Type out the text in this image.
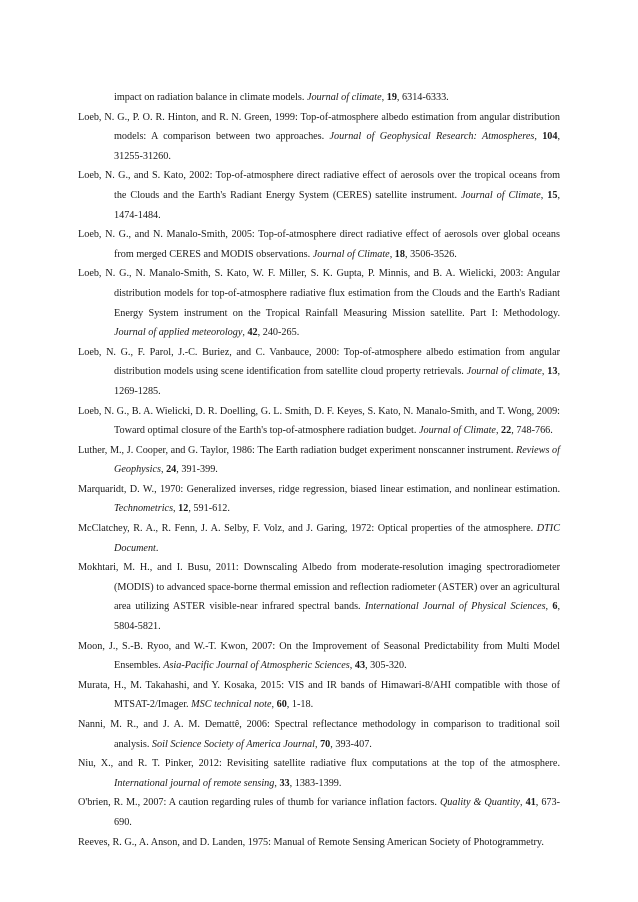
impact on radiation balance in climate models. Journal of climate, 19, 6314-6333.

Loeb, N. G., P. O. R. Hinton, and R. N. Green, 1999: Top-of-atmosphere albedo estimation from angular distribution models: A comparison between two approaches. Journal of Geophysical Research: Atmospheres, 104, 31255-31260.

Loeb, N. G., and S. Kato, 2002: Top-of-atmosphere direct radiative effect of aerosols over the tropical oceans from the Clouds and the Earth's Radiant Energy System (CERES) satellite instrument. Journal of Climate, 15, 1474-1484.

Loeb, N. G., and N. Manalo-Smith, 2005: Top-of-atmosphere direct radiative effect of aerosols over global oceans from merged CERES and MODIS observations. Journal of Climate, 18, 3506-3526.

Loeb, N. G., N. Manalo-Smith, S. Kato, W. F. Miller, S. K. Gupta, P. Minnis, and B. A. Wielicki, 2003: Angular distribution models for top-of-atmosphere radiative flux estimation from the Clouds and the Earth's Radiant Energy System instrument on the Tropical Rainfall Measuring Mission satellite. Part I: Methodology. Journal of applied meteorology, 42, 240-265.

Loeb, N. G., F. Parol, J.-C. Buriez, and C. Vanbauce, 2000: Top-of-atmosphere albedo estimation from angular distribution models using scene identification from satellite cloud property retrievals. Journal of climate, 13, 1269-1285.

Loeb, N. G., B. A. Wielicki, D. R. Doelling, G. L. Smith, D. F. Keyes, S. Kato, N. Manalo-Smith, and T. Wong, 2009: Toward optimal closure of the Earth's top-of-atmosphere radiation budget. Journal of Climate, 22, 748-766.

Luther, M., J. Cooper, and G. Taylor, 1986: The Earth radiation budget experiment nonscanner instrument. Reviews of Geophysics, 24, 391-399.

Marquaridt, D. W., 1970: Generalized inverses, ridge regression, biased linear estimation, and nonlinear estimation. Technometrics, 12, 591-612.

McClatchey, R. A., R. Fenn, J. A. Selby, F. Volz, and J. Garing, 1972: Optical properties of the atmosphere. DTIC Document.

Mokhtari, M. H., and I. Busu, 2011: Downscaling Albedo from moderate-resolution imaging spectroradiometer (MODIS) to advanced space-borne thermal emission and reflection radiometer (ASTER) over an agricultural area utilizing ASTER visible-near infrared spectral bands. International Journal of Physical Sciences, 6, 5804-5821.

Moon, J., S.-B. Ryoo, and W.-T. Kwon, 2007: On the Improvement of Seasonal Predictability from Multi Model Ensembles. Asia-Pacific Journal of Atmospheric Sciences, 43, 305-320.

Murata, H., M. Takahashi, and Y. Kosaka, 2015: VIS and IR bands of Himawari-8/AHI compatible with those of MTSAT-2/Imager. MSC technical note, 60, 1-18.

Nanni, M. R., and J. A. M. Demattê, 2006: Spectral reflectance methodology in comparison to traditional soil analysis. Soil Science Society of America Journal, 70, 393-407.

Niu, X., and R. T. Pinker, 2012: Revisiting satellite radiative flux computations at the top of the atmosphere. International journal of remote sensing, 33, 1383-1399.

O'brien, R. M., 2007: A caution regarding rules of thumb for variance inflation factors. Quality & Quantity, 41, 673-690.

Reeves, R. G., A. Anson, and D. Landen, 1975: Manual of Remote Sensing American Society of Photogrammetry.
